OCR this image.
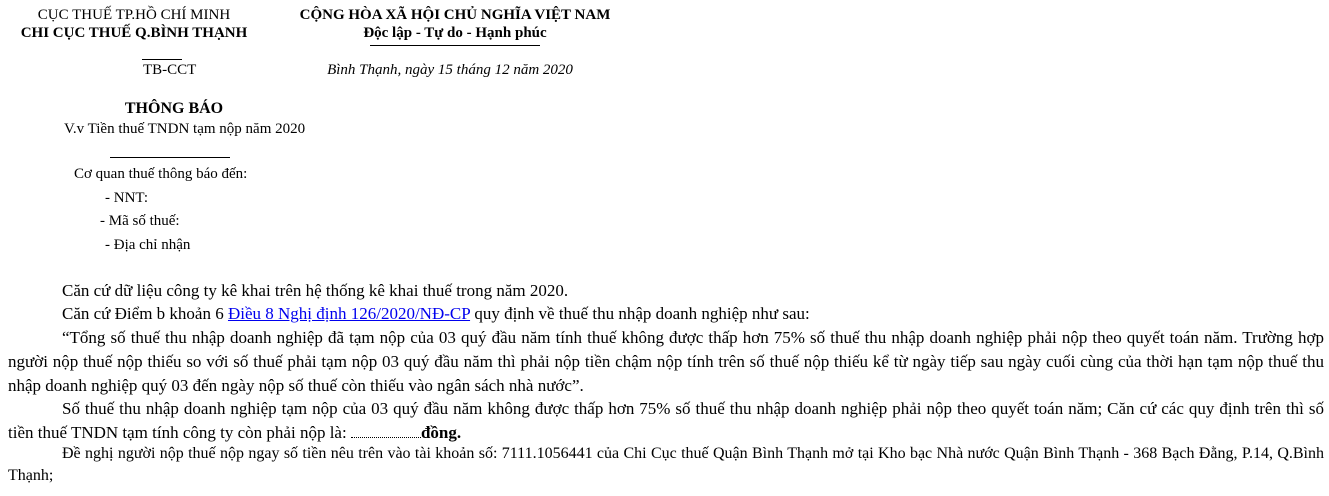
CỤC THUẾ TP.HỒ CHÍ MINH
CHI CỤC THUẾ Q.BÌNH THẠNH
TB-CCT
CỘNG HÒA XÃ HỘI CHỦ NGHĨA VIỆT NAM
Độc lập - Tự do - Hạnh phúc
Bình Thạnh, ngày 15 tháng 12 năm 2020
THÔNG BÁO
V.v Tiền thuế TNDN tạm nộp năm 2020
Cơ quan thuế thông báo đến:
- NNT:
- Mã số thuế:
- Địa chỉ nhận
Căn cứ dữ liệu công ty kê khai trên hệ thống kê khai thuế trong năm 2020.
Căn cứ Điểm b khoản 6 Điều 8 Nghị định 126/2020/NĐ-CP quy định về thuế thu nhập doanh nghiệp như sau:
“Tổng số thuế thu nhập doanh nghiệp đã tạm nộp của 03 quý đầu năm tính thuế không được thấp hơn 75% số thuế thu nhập doanh nghiệp phải nộp theo quyết toán năm. Trường hợp người nộp thuế nộp thiếu so với số thuế phải tạm nộp 03 quý đầu năm thì phải nộp tiền chậm nộp tính trên số thuế nộp thiếu kể từ ngày tiếp sau ngày cuối cùng của thời hạn tạm nộp thuế thu nhập doanh nghiệp quý 03 đến ngày nộp số thuế còn thiếu vào ngân sách nhà nước”.
Số thuế thu nhập doanh nghiệp tạm nộp của 03 quý đầu năm không được thấp hơn 75% số thuế thu nhập doanh nghiệp phải nộp theo quyết toán năm; Căn cứ các quy định trên thì số tiền thuế TNDN tạm tính công ty còn phải nộp là:	đồng.
Đề nghị người nộp thuế nộp ngay số tiền nêu trên vào tài khoản số: 7111.1056441 của Chi Cục thuế Quận Bình Thạnh mở tại Kho bạc Nhà nước Quận Bình Thạnh - 368 Bạch Đằng, P.14, Q.Bình Thạnh;
